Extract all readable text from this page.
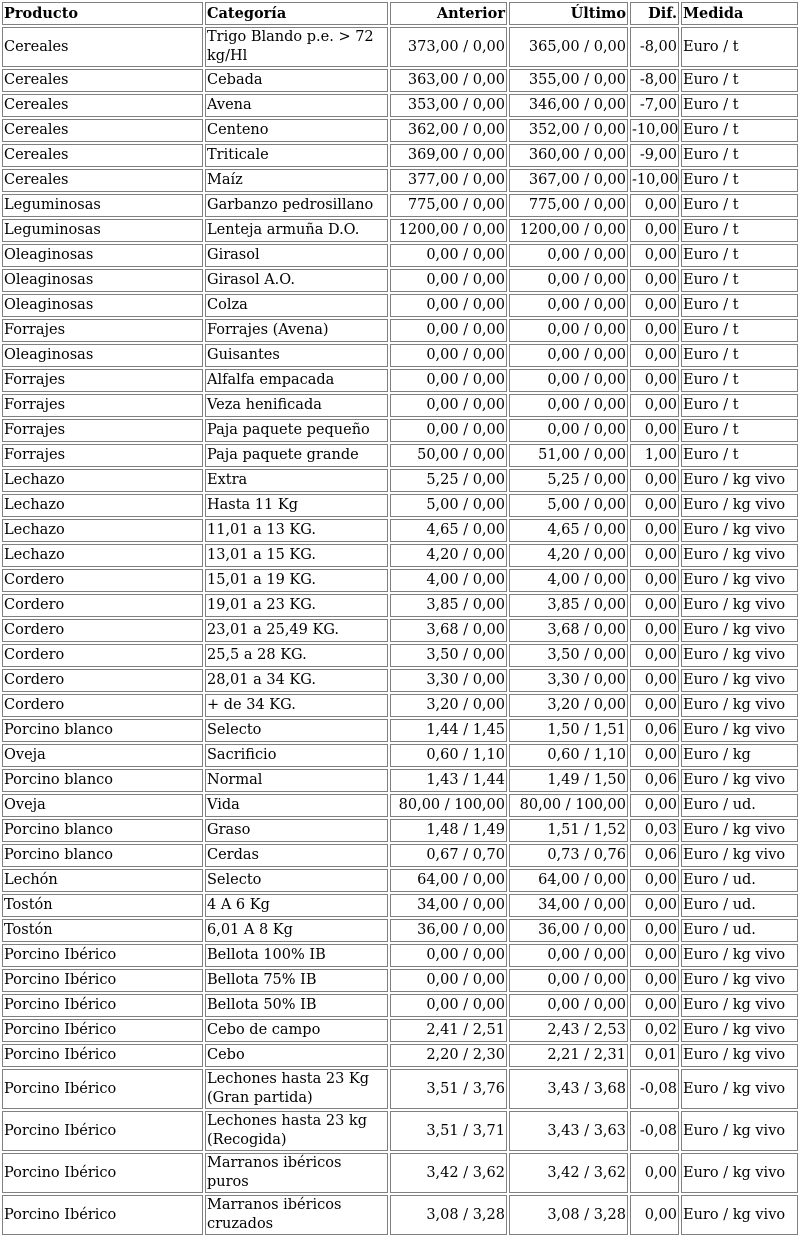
Producto	Categoría	Anterior	Último	Dif.	Medida
Cereales	Trigo Blando p.e. > 72 kg/Hl	373,00 / 0,00	365,00 / 0,00	-8,00	Euro / t
Cereales	Cebada	363,00 / 0,00	355,00 / 0,00	-8,00	Euro / t
Cereales	Avena	353,00 / 0,00	346,00 / 0,00	-7,00	Euro / t
Cereales	Centeno	362,00 / 0,00	352,00 / 0,00	-10,00	Euro / t
Cereales	Triticale	369,00 / 0,00	360,00 / 0,00	-9,00	Euro / t
Cereales	Maíz	377,00 / 0,00	367,00 / 0,00	-10,00	Euro / t
Leguminosas	Garbanzo pedrosillano	775,00 / 0,00	775,00 / 0,00	0,00	Euro / t
Leguminosas	Lenteja armuña D.O.	1200,00 / 0,00	1200,00 / 0,00	0,00	Euro / t
Oleaginosas	Girasol	0,00 / 0,00	0,00 / 0,00	0,00	Euro / t
Oleaginosas	Girasol A.O.	0,00 / 0,00	0,00 / 0,00	0,00	Euro / t
Oleaginosas	Colza	0,00 / 0,00	0,00 / 0,00	0,00	Euro / t
Forrajes	Forrajes (Avena)	0,00 / 0,00	0,00 / 0,00	0,00	Euro / t
Oleaginosas	Guisantes	0,00 / 0,00	0,00 / 0,00	0,00	Euro / t
Forrajes	Alfalfa empacada	0,00 / 0,00	0,00 / 0,00	0,00	Euro / t
Forrajes	Veza henificada	0,00 / 0,00	0,00 / 0,00	0,00	Euro / t
Forrajes	Paja paquete pequeño	0,00 / 0,00	0,00 / 0,00	0,00	Euro / t
Forrajes	Paja paquete grande	50,00 / 0,00	51,00 / 0,00	1,00	Euro / t
Lechazo	Extra	5,25 / 0,00	5,25 / 0,00	0,00	Euro / kg vivo
Lechazo	Hasta 11 Kg	5,00 / 0,00	5,00 / 0,00	0,00	Euro / kg vivo
Lechazo	11,01 a 13 KG.	4,65 / 0,00	4,65 / 0,00	0,00	Euro / kg vivo
Lechazo	13,01 a 15 KG.	4,20 / 0,00	4,20 / 0,00	0,00	Euro / kg vivo
Cordero	15,01 a 19 KG.	4,00 / 0,00	4,00 / 0,00	0,00	Euro / kg vivo
Cordero	19,01 a 23 KG.	3,85 / 0,00	3,85 / 0,00	0,00	Euro / kg vivo
Cordero	23,01 a 25,49 KG.	3,68 / 0,00	3,68 / 0,00	0,00	Euro / kg vivo
Cordero	25,5 a 28 KG.	3,50 / 0,00	3,50 / 0,00	0,00	Euro / kg vivo
Cordero	28,01 a 34 KG.	3,30 / 0,00	3,30 / 0,00	0,00	Euro / kg vivo
Cordero	+ de 34 KG.	3,20 / 0,00	3,20 / 0,00	0,00	Euro / kg vivo
Porcino blanco	Selecto	1,44 / 1,45	1,50 / 1,51	0,06	Euro / kg vivo
Oveja	Sacrificio	0,60 / 1,10	0,60 / 1,10	0,00	Euro / kg
Porcino blanco	Normal	1,43 / 1,44	1,49 / 1,50	0,06	Euro / kg vivo
Oveja	Vida	80,00 / 100,00	80,00 / 100,00	0,00	Euro / ud.
Porcino blanco	Graso	1,48 / 1,49	1,51 / 1,52	0,03	Euro / kg vivo
Porcino blanco	Cerdas	0,67 / 0,70	0,73 / 0,76	0,06	Euro / kg vivo
Lechón	Selecto	64,00 / 0,00	64,00 / 0,00	0,00	Euro / ud.
Tostón	4 A 6 Kg	34,00 / 0,00	34,00 / 0,00	0,00	Euro / ud.
Tostón	6,01 A 8 Kg	36,00 / 0,00	36,00 / 0,00	0,00	Euro / ud.
Porcino Ibérico	Bellota 100% IB	0,00 / 0,00	0,00 / 0,00	0,00	Euro / kg vivo
Porcino Ibérico	Bellota 75% IB	0,00 / 0,00	0,00 / 0,00	0,00	Euro / kg vivo
Porcino Ibérico	Bellota 50% IB	0,00 / 0,00	0,00 / 0,00	0,00	Euro / kg vivo
Porcino Ibérico	Cebo de campo	2,41 / 2,51	2,43 / 2,53	0,02	Euro / kg vivo
Porcino Ibérico	Cebo	2,20 / 2,30	2,21 / 2,31	0,01	Euro / kg vivo
Porcino Ibérico	Lechones hasta 23 Kg (Gran partida)	3,51 / 3,76	3,43 / 3,68	-0,08	Euro / kg vivo
Porcino Ibérico	Lechones hasta 23 kg (Recogida)	3,51 / 3,71	3,43 / 3,63	-0,08	Euro / kg vivo
Porcino Ibérico	Marranos ibéricos puros	3,42 / 3,62	3,42 / 3,62	0,00	Euro / kg vivo
Porcino Ibérico	Marranos ibéricos cruzados	3,08 / 3,28	3,08 / 3,28	0,00	Euro / kg vivo
